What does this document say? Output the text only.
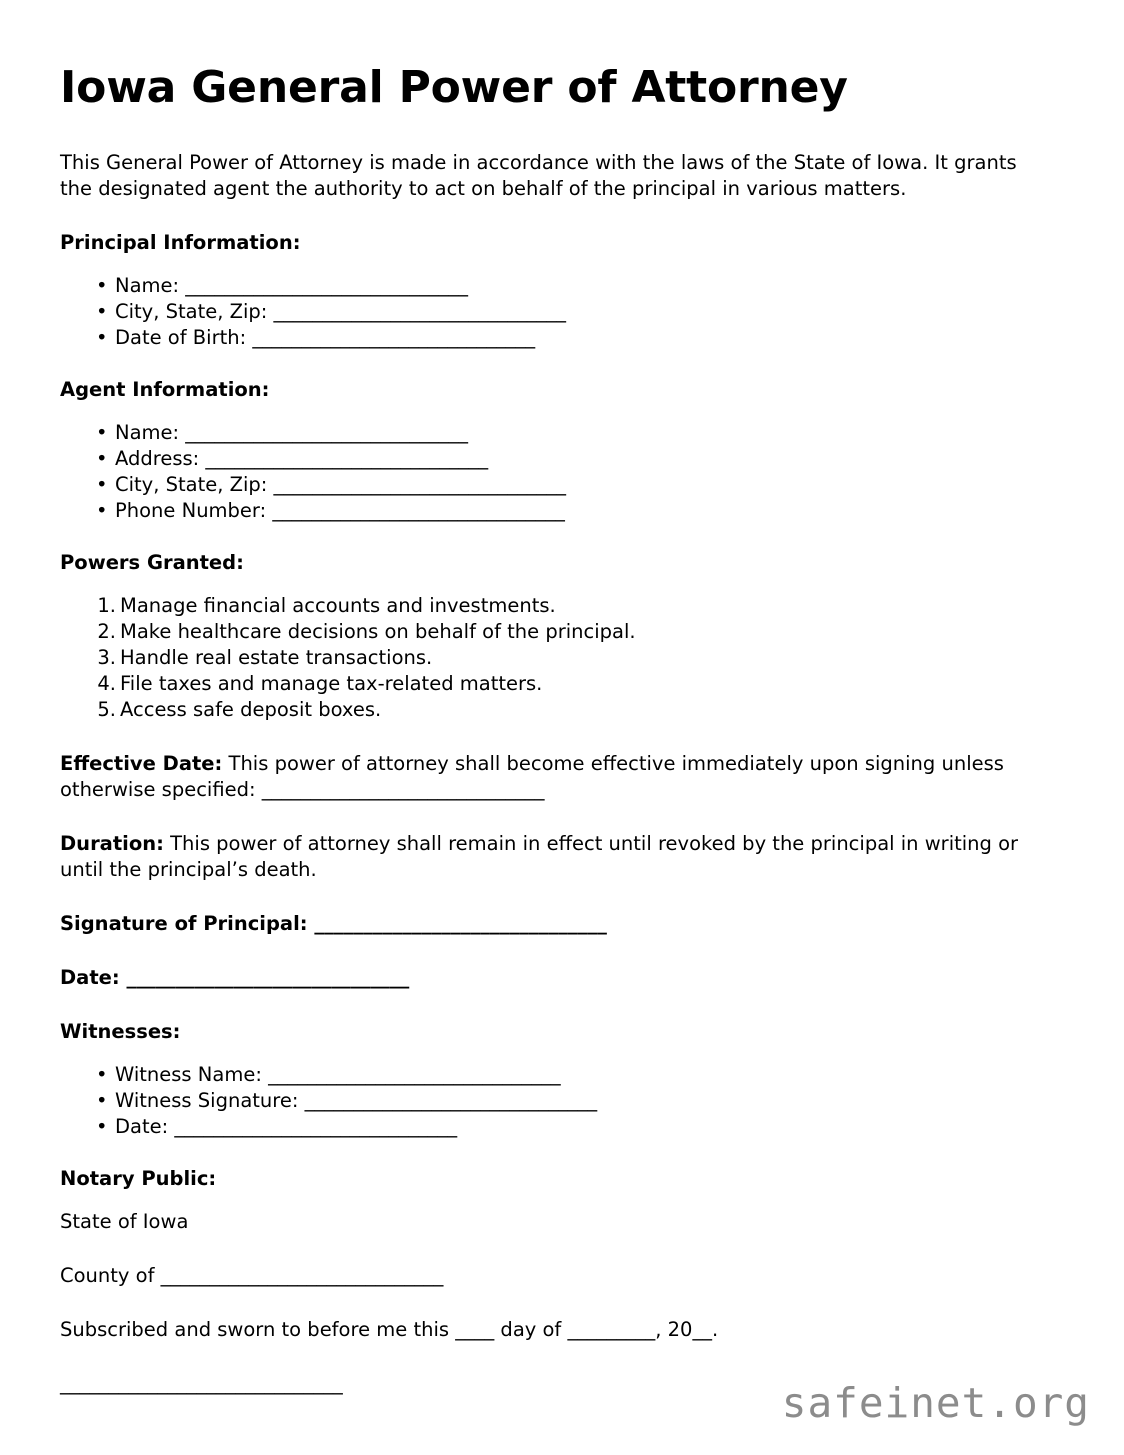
Iowa General Power of Attorney

This General Power of Attorney is made in accordance with the laws of the State of Iowa. It grants the designated agent the authority to act on behalf of the principal in various matters.

Principal Information:
• Name: _____________________________
• City, State, Zip: ______________________________
• Date of Birth: _____________________________
Agent Information:
• Name: _____________________________
• Address: _____________________________
• City, State, Zip: ______________________________
• Phone Number: ______________________________
Powers Granted:
Manage financial accounts and investments.
Make healthcare decisions on behalf of the principal.
Handle real estate transactions.
File taxes and manage tax-related matters.
Access safe deposit boxes.

Effective Date: This power of attorney shall become effective immediately upon signing unless otherwise specified: _____________________________

Duration: This power of attorney shall remain in effect until revoked by the principal in writing or until the principal’s death.

Signature of Principal: ______________________________

Date: _____________________________

Witnesses:
• Witness Name: ______________________________
• Witness Signature: ______________________________
• Date: _____________________________
Notary Public:

State of Iowa

County of _____________________________

Subscribed and sworn to before me this ____ day of _________, 20__.

_____________________________	safeinet.org
